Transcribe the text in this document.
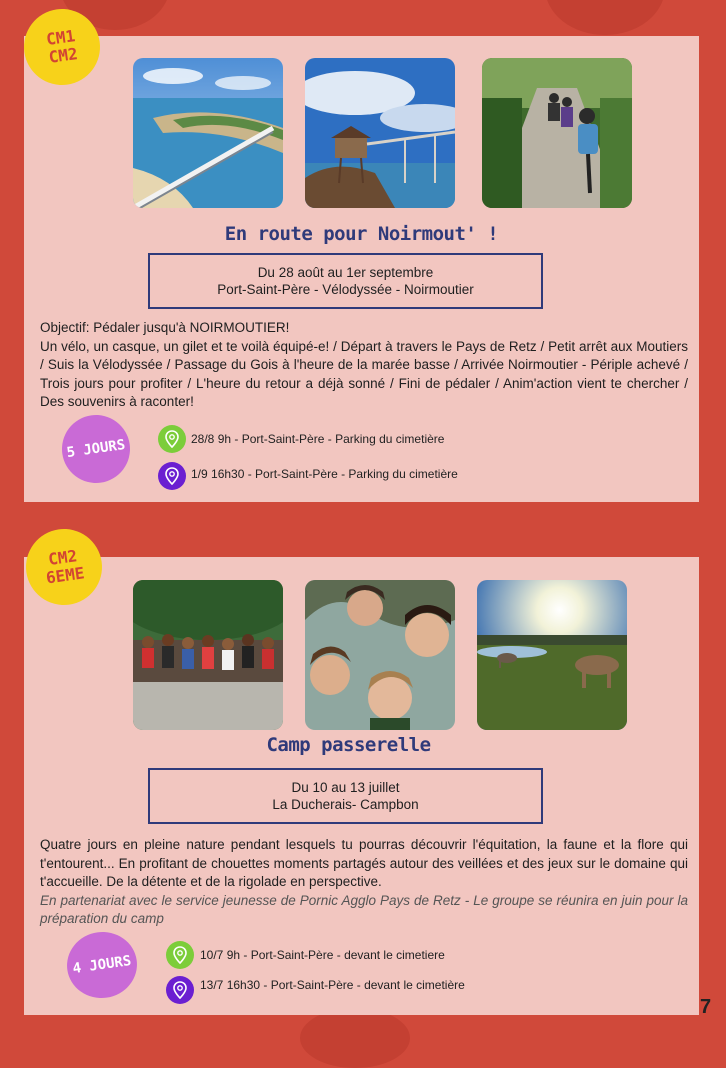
CM1
CM2
En route pour Noirmout' !
Du 28 août au 1er septembre
Port-Saint-Père - Vélodyssée - Noirmoutier

Objectif: Pédaler jusqu'à NOIRMOUTIER!

Un vélo, un casque, un gilet et te voilà équipé-e! / Départ à travers le Pays de Retz / Petit arrêt aux Moutiers / Suis la Vélodyssée / Passage du Gois à l'heure de la marée basse / Arrivée Noirmoutier - Périple achevé / Trois jours pour profiter / L'heure du retour a déjà sonné / Fini de pédaler / Anim'action vient te chercher / Des souvenirs à raconter!

5 JOURS	28/8 9h - Port-Saint-Père - Parking du cimetière
1/9 16h30 - Port-Saint-Père - Parking du cimetière
CM2
6EME
Camp passerelle
Du 10 au 13 juillet
La Ducherais- Campbon

Quatre jours en pleine nature pendant lesquels tu pourras découvrir l'équitation, la faune et la flore qui t'entourent... En profitant de chouettes moments partagés autour des veillées et des jeux sur le domaine qui t'accueille. De la détente et de la rigolade en perspective.

En partenariat avec le service jeunesse de Pornic Agglo Pays de Retz - Le groupe se réunira en juin pour la préparation du camp

4 JOURS	10/7 9h - Port-Saint-Père - devant le cimetiere
13/7 16h30 - Port-Saint-Père - devant le cimetière
7
